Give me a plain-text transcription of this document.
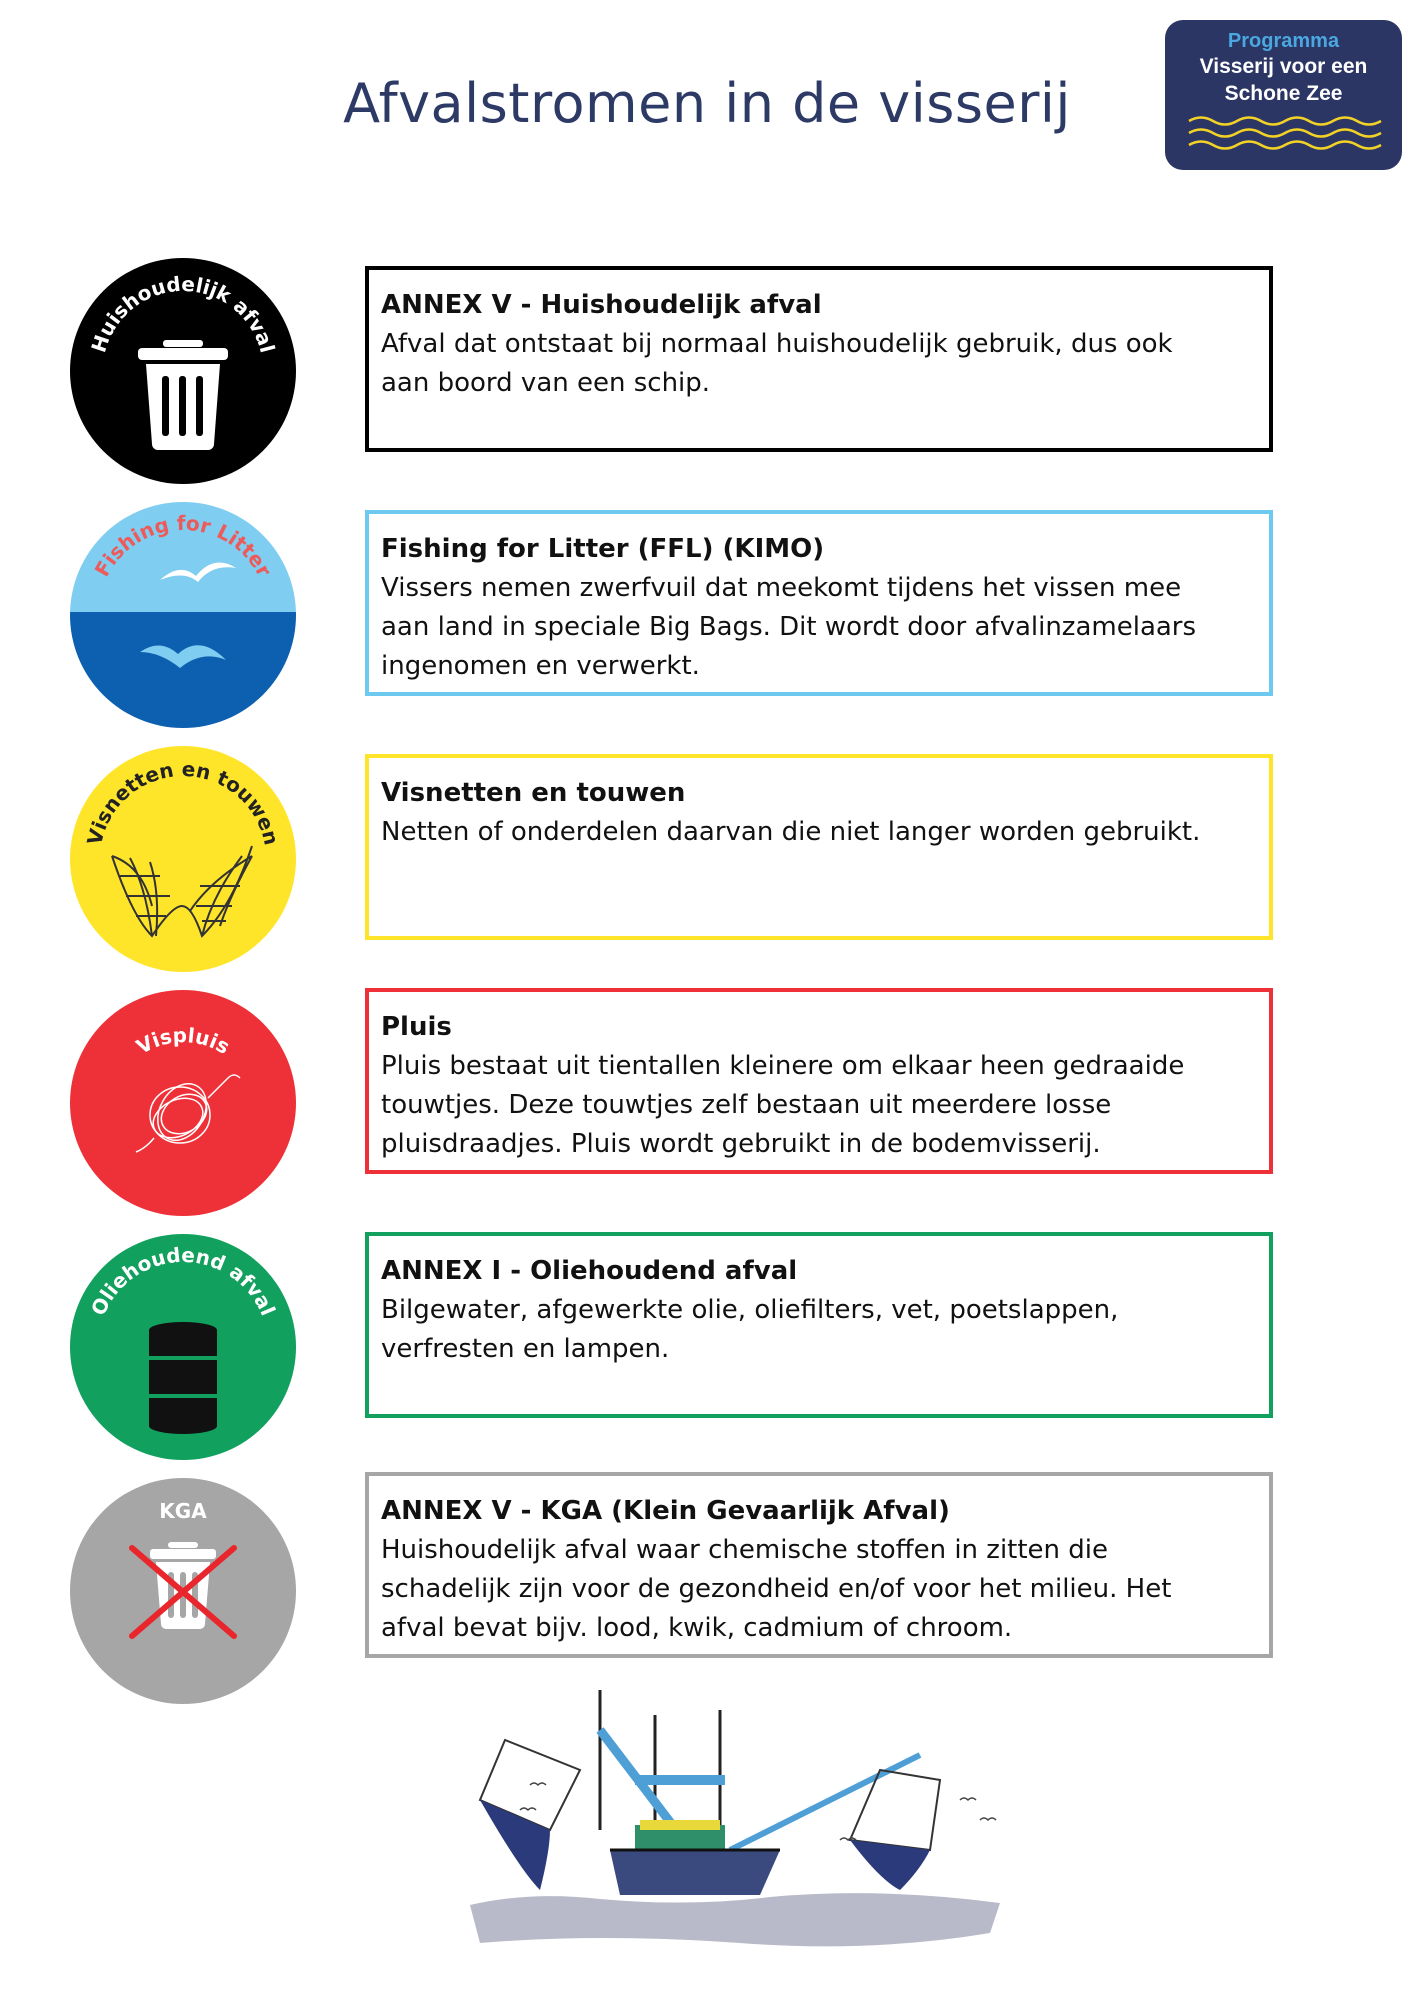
Afvalstromen in de visserij
Programma
Visserij voor een
Schone Zee
Huishoudelijk afval
Fishing for Litter
Visnetten en touwen
Vispluis
Oliehoudend afval
KGA
ANNEX V - Huishoudelijk afval
Afval dat ontstaat bij normaal huishoudelijk gebruik, dus ook aan boord van een schip.
Fishing for Litter (FFL) (KIMO)
Vissers nemen zwerfvuil dat meekomt tijdens het vissen mee aan land in speciale Big Bags. Dit wordt door afvalinzamelaars ingenomen en verwerkt.
Visnetten en touwen
Netten of onderdelen daarvan die niet langer worden gebruikt.
Pluis
Pluis bestaat uit tientallen kleinere om elkaar heen gedraaide touwtjes. Deze touwtjes zelf bestaan uit meerdere losse pluisdraadjes. Pluis wordt gebruikt in de bodemvisserij.
ANNEX I - Oliehoudend afval
Bilgewater, afgewerkte olie, oliefilters, vet, poetslappen, verfresten en lampen.
ANNEX V - KGA (Klein Gevaarlijk Afval)
Huishoudelijk afval waar chemische stoffen in zitten die schadelijk zijn voor de gezondheid en/of voor het milieu. Het afval bevat bijv. lood, kwik, cadmium of chroom.
